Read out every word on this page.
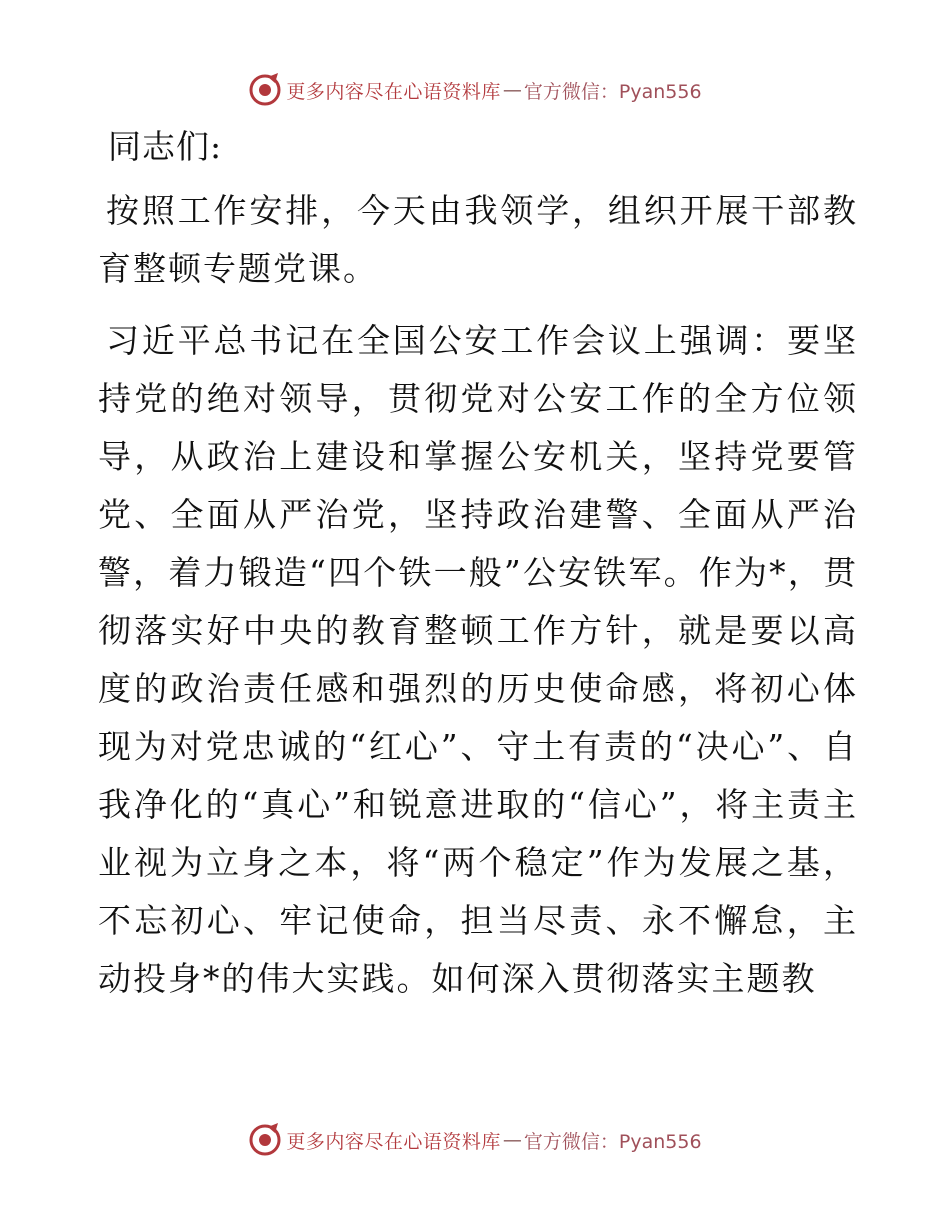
更多内容尽在心语资料库 — 官方微信：Pyan556

同志们:

按照工作安排，今天由我领学，组织开展干部教育整顿专题党课。

习近平总书记在全国公安工作会议上强调：要坚持党的绝对领导，贯彻党对公安工作的全方位领导，从政治上建设和掌握公安机关，坚持党要管党、全面从严治党，坚持政治建警、全面从严治警，着力锻造“四个铁一般”公安铁军。作为*，贯彻落实好中央的教育整顿工作方针，就是要以高度的政治责任感和强烈的历史使命感，将初心体现为对党忠诚的“红心”、守土有责的“决心”、自我净化的“真心”和锐意进取的“信心”，将主责主业视为立身之本，将“两个稳定”作为发展之基，不忘初心、牢记使命，担当尽责、永不懈怠，主动投身*的伟大实践。如何深入贯彻落实主题教

更多内容尽在心语资料库 — 官方微信：Pyan556
